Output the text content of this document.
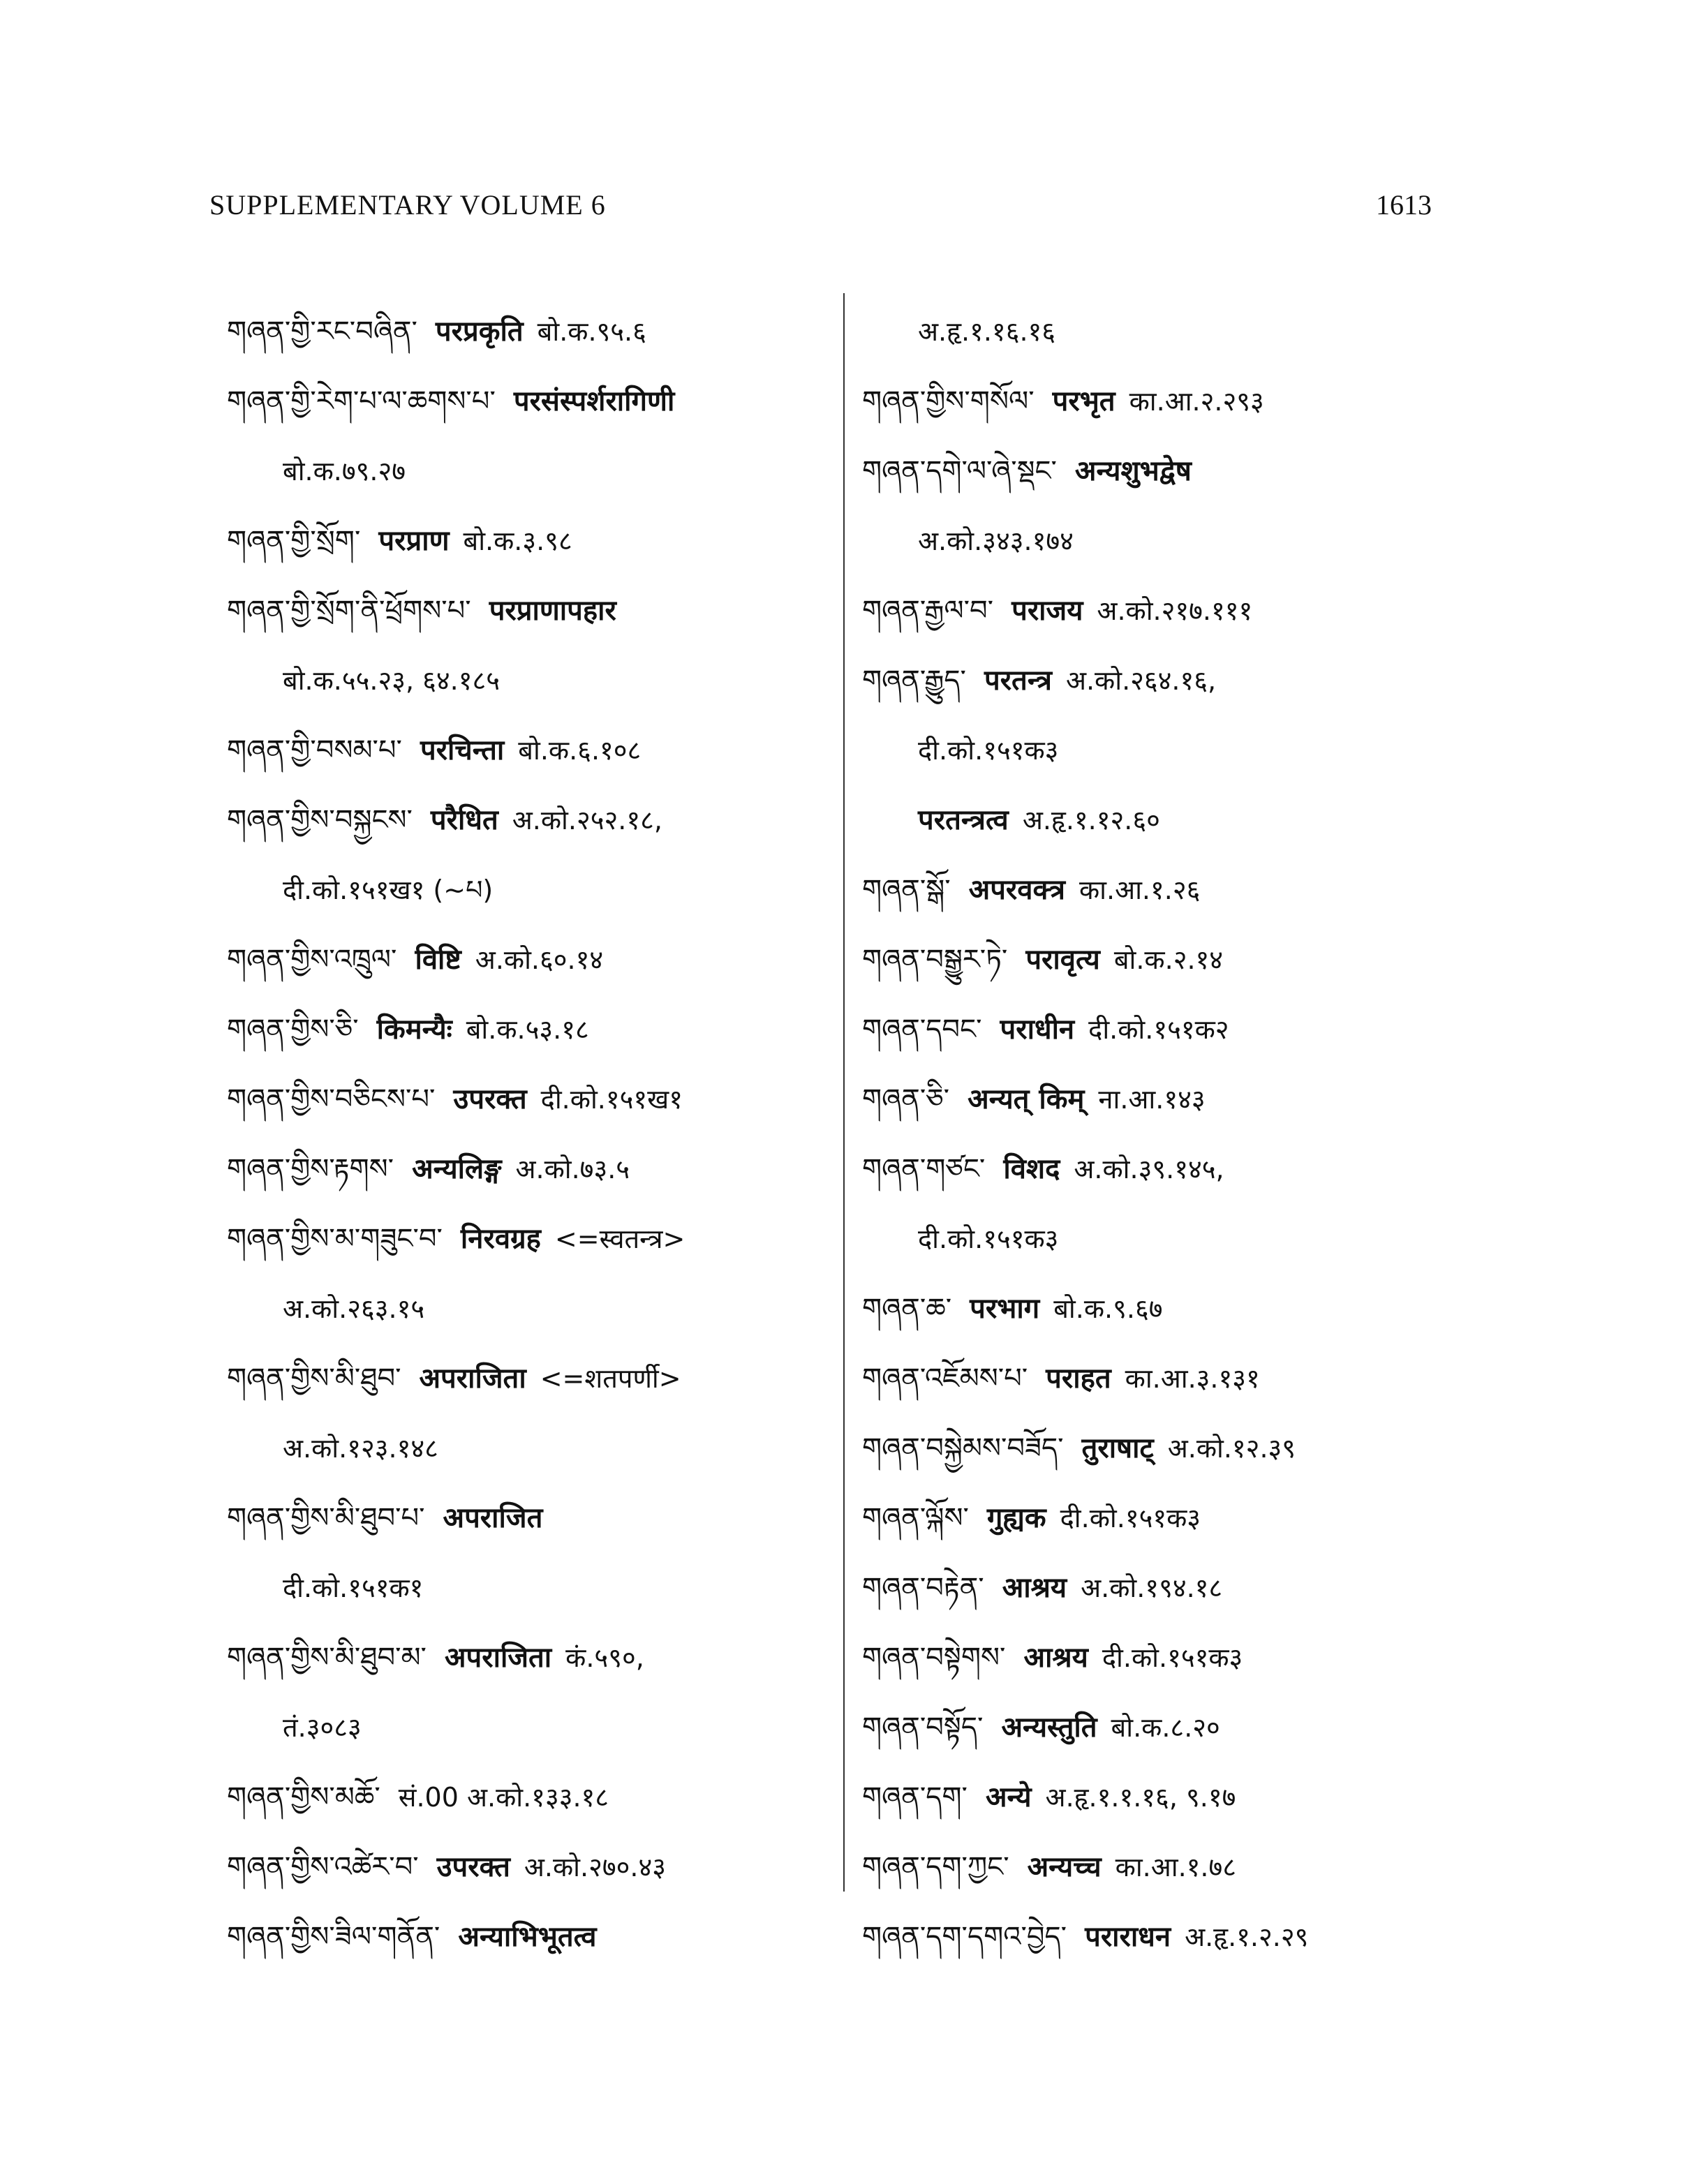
SUPPLEMENTARY VOLUME 6	1613
གཞན་གྱི་རང་བཞིན་ परप्रकृति बो.क.९५.६
གཞན་གྱི་རེག་པ་ལ་ཆགས་པ་ परसंस्पर्शरागिणी
बो.क.७९.२७
གཞན་གྱི་སྲོག་ परप्राण बो.क.३.९८
གཞན་གྱི་སྲོག་ནི་ཕྲོགས་པ་ परप्राणापहार
बो.क.५५.२३, ६४.१८५
གཞན་གྱི་བསམ་པ་ परचिन्ता बो.क.६.१०८
གཞན་གྱིས་བསྐྱངས་ परैधित अ.को.२५२.१८,
दी.को.१५१ख१ (~པ)
གཞན་གྱིས་འཁྲུལ་ विष्टि अ.को.६०.१४
གཞན་གྱིས་ཅི་ किमन्यैः बो.क.५३.१८
གཞན་གྱིས་བཅིངས་པ་ उपरक्त दी.को.१५१ख१
གཞན་གྱིས་རྟགས་ अन्यलिङ्ग अ.को.७३.५
གཞན་གྱིས་མ་གཟུང་བ་ निरवग्रह <=स्वतन्त्र>
अ.को.२६३.१५
གཞན་གྱིས་མི་ཐུབ་ अपराजिता <=शतपर्णी>
अ.को.१२३.१४८
གཞན་གྱིས་མི་ཐུབ་པ་ अपराजित
दी.को.१५१क१
གཞན་གྱིས་མི་ཐུབ་མ་ अपराजिता कं.५९०,
तं.३०८३
གཞན་གྱིས་མཆོ་ सं.00 अ.को.१३३.१८
གཞན་གྱིས་འཚེར་བ་ उपरक्त अ.को.२७०.४३
གཞན་གྱིས་ཟིལ་གནོན་ अन्याभिभूतत्व
अ.हृ.१.१६.१६
གཞན་གྱིས་གསོལ་ परभृत का.आ.२.२९३
གཞན་དགེ་ལ་ཞེ་སྡང་ अन्यशुभद्वेष
अ.को.३४३.१७४
གཞན་རྒྱལ་བ་ पराजय अ.को.२१७.१११
གཞན་རྒྱུད་ परतन्त्र अ.को.२६४.१६,
दी.को.१५१क३
परतन्त्रत्व अ.हृ.१.१२.६०
གཞན་སྒོ་ अपरवक्त्र का.आ.१.२६
གཞན་བསྒྱུར་ཏེ་ परावृत्य बो.क.२.१४
གཞན་དབང་ पराधीन दी.को.१५१क२
གཞན་ཅི་ अन्यत् किम् ना.आ.१४३
གཞན་གཙང་ विशद अ.को.३९.१४५,
दी.को.१५१क३
གཞན་ཆ་ परभाग बो.क.९.६७
གཞན་འཇོམས་པ་ पराहत का.आ.३.१३१
གཞན་བསྐྱེམས་བཟོད་ तुराषाट् अ.को.१२.३९
གཞན་ལྐོས་ गुह्यक दी.को.१५१क३
གཞན་བརྟེན་ आश्रय अ.को.१९४.१८
གཞན་བསྟེགས་ आश्रय दी.को.१५१क३
གཞན་བསྟོད་ अन्यस्तुति बो.क.८.२०
གཞན་དག་ अन्ये अ.हृ.१.१.१६, ९.१७
གཞན་དག་ཀྱང་ अन्यच्च का.आ.१.७८
གཞན་དག་དགའ་བྱེད་ पराराधन अ.हृ.१.२.२९
